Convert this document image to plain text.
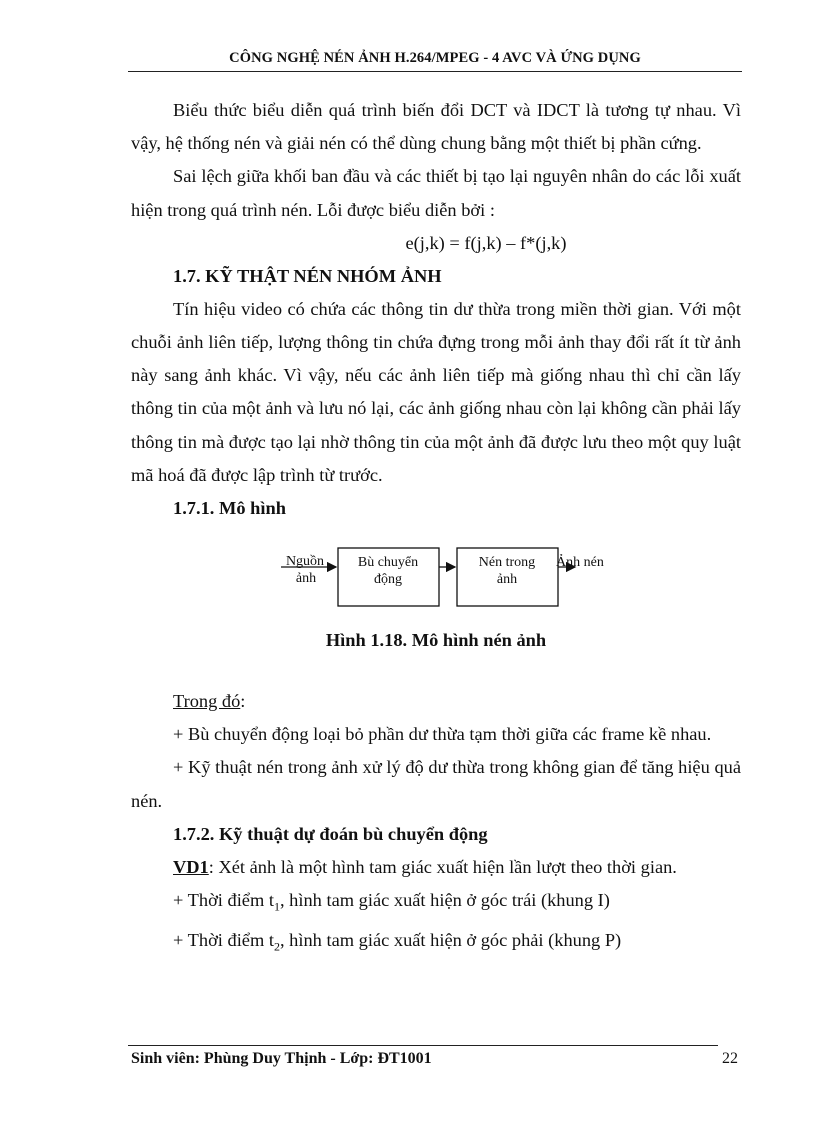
CÔNG NGHỆ NÉN ẢNH H.264/MPEG - 4 AVC VÀ ỨNG DỤNG

Biểu thức biểu diễn quá trình biến đổi DCT và IDCT là tương tự nhau. Vì vậy, hệ thống nén và giải nén có thể dùng chung bằng một thiết bị phần cứng.

Sai lệch giữa khối ban đầu và các thiết bị tạo lại nguyên nhân do các lỗi xuất hiện trong quá trình nén. Lỗi được biểu diễn bởi :

e(j,k) = f(j,k) – f*(j,k)

1.7. KỸ THẬT NÉN NHÓM ẢNH

Tín hiệu video có chứa các thông tin dư thừa trong miền thời gian. Với một chuỗi ảnh liên tiếp, lượng thông tin chứa đựng trong mỗi ảnh thay đổi rất ít từ ảnh này sang ảnh khác. Vì vậy, nếu các ảnh liên tiếp mà giống nhau thì chỉ cần lấy thông tin của một ảnh và lưu nó lại, các ảnh giống nhau còn lại không cần phải lấy thông tin mà được tạo lại nhờ thông tin của một ảnh đã được lưu theo một quy luật mã hoá đã được lập trình từ trước.

1.7.1. Mô hình

Nguồn
ảnh
Bù chuyển
động
Nén trong
ảnh
Ảnh nén

Hình 1.18. Mô hình nén ảnh

Trong đó:

+ Bù chuyển động loại bỏ phần dư thừa tạm thời giữa các frame kề nhau.

+ Kỹ thuật nén trong ảnh xử lý độ dư thừa trong không gian để tăng hiệu quả nén.

1.7.2. Kỹ thuật dự đoán bù chuyển động

VD1: Xét ảnh là một hình tam giác xuất hiện lần lượt theo thời gian.

+ Thời điểm $t_1$, hình tam giác xuất hiện ở góc trái (khung I)

+ Thời điểm $t_2$, hình tam giác xuất hiện ở góc phải (khung P)

Sinh viên: Phùng Duy Thịnh - Lớp: ĐT1001	22
